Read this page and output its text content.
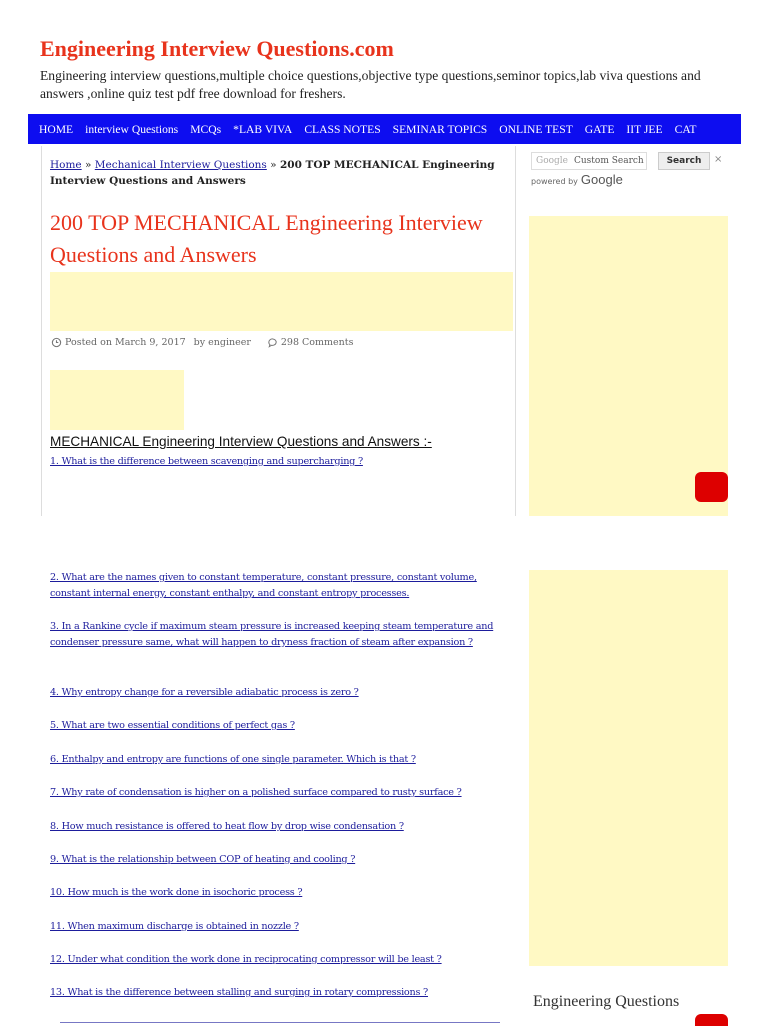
Engineering Interview Questions.com
Engineering interview questions,multiple choice questions,objective type questions,seminor topics,lab viva questions and answers ,online quiz test pdf free download for freshers.
HOME interview Questions MCQs *LAB VIVA CLASS NOTES SEMINAR TOPICS ONLINE TEST GATE IIT JEE CAT
Home » Mechanical Interview Questions » 200 TOP MECHANICAL Engineering Interview Questions and Answers
200 TOP MECHANICAL Engineering Interview Questions and Answers
Posted on March 9, 2017 by engineer	298 Comments
MECHANICAL Engineering Interview Questions and Answers :-
1. What is the difference between scavenging and supercharging ?
2. What are the names given to constant temperature, constant pressure, constant volume, constant internal energy, constant enthalpy, and constant entropy processes.
3. In a Rankine cycle if maximum steam pressure is increased keeping steam temperature and condenser pressure same, what will happen to dryness fraction of steam after expansion ?
4. Why entropy change for a reversible adiabatic process is zero ?
5. What are two essential conditions of perfect gas ?
6. Enthalpy and entropy are functions of one single parameter. Which is that ?
7. Why rate of condensation is higher on a polished surface compared to rusty surface ?
8. How much resistance is offered to heat flow by drop wise condensation ?
9. What is the relationship between COP of heating and cooling ?
10. How much is the work done in isochoric process ?
11. When maximum discharge is obtained in nozzle ?
12. Under what condition the work done in reciprocating compressor will be least ?
13. What is the difference between stalling and surging in rotary compressions ?
Google Custom Search	Search	×
powered by Google
Engineering Questions
